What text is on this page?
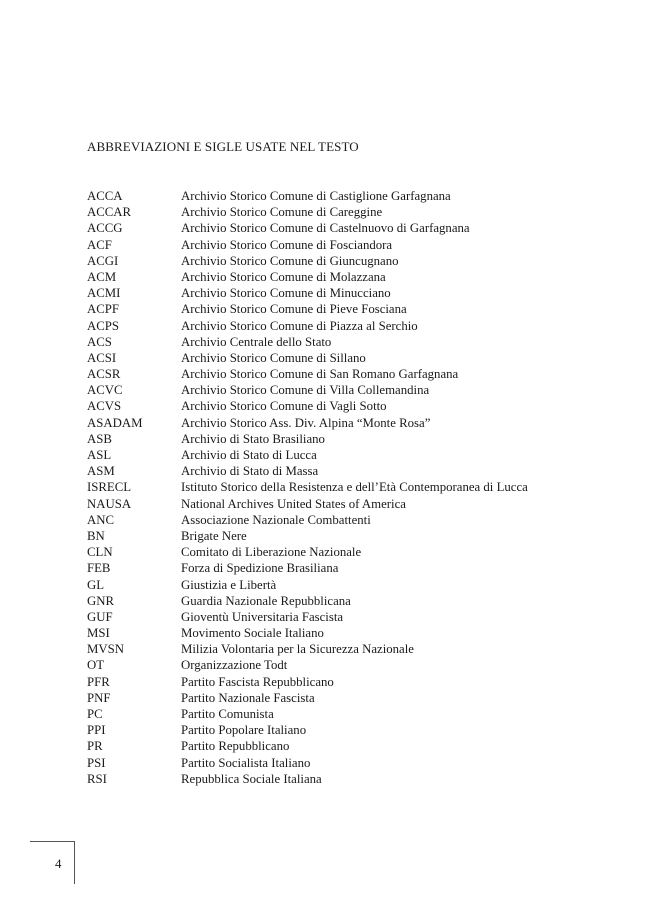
ABBREVIAZIONI E SIGLE USATE NEL TESTO
ACCA	Archivio Storico Comune di Castiglione Garfagnana
ACCAR	Archivio Storico Comune di Careggine
ACCG	Archivio Storico Comune di Castelnuovo di Garfagnana
ACF	Archivio Storico Comune di Fosciandora
ACGI	Archivio Storico Comune di Giuncugnano
ACM	Archivio Storico Comune di Molazzana
ACMI	Archivio Storico Comune di Minucciano
ACPF	Archivio Storico Comune di Pieve Fosciana
ACPS	Archivio Storico Comune di Piazza al Serchio
ACS	Archivio Centrale dello Stato
ACSI	Archivio Storico Comune di Sillano
ACSR	Archivio Storico Comune di San Romano Garfagnana
ACVC	Archivio Storico Comune di Villa Collemandina
ACVS	Archivio Storico Comune di Vagli Sotto
ASADAM	Archivio Storico Ass. Div. Alpina “Monte Rosa”
ASB	Archivio di Stato Brasiliano
ASL	Archivio di Stato di Lucca
ASM	Archivio di Stato di Massa
ISRECL	Istituto Storico della Resistenza e dell’Età Contemporanea di Lucca
NAUSA	National Archives United States of America
ANC	Associazione Nazionale Combattenti
BN	Brigate Nere
CLN	Comitato di Liberazione Nazionale
FEB	Forza di Spedizione Brasiliana
GL	Giustizia e Libertà
GNR	Guardia Nazionale Repubblicana
GUF	Gioventù Universitaria Fascista
MSI	Movimento Sociale Italiano
MVSN	Milizia Volontaria per la Sicurezza Nazionale
OT	Organizzazione Todt
PFR	Partito Fascista Repubblicano
PNF	Partito Nazionale Fascista
PC	Partito Comunista
PPI	Partito Popolare Italiano
PR	Partito Repubblicano
PSI	Partito Socialista Italiano
RSI	Repubblica Sociale Italiana
4
